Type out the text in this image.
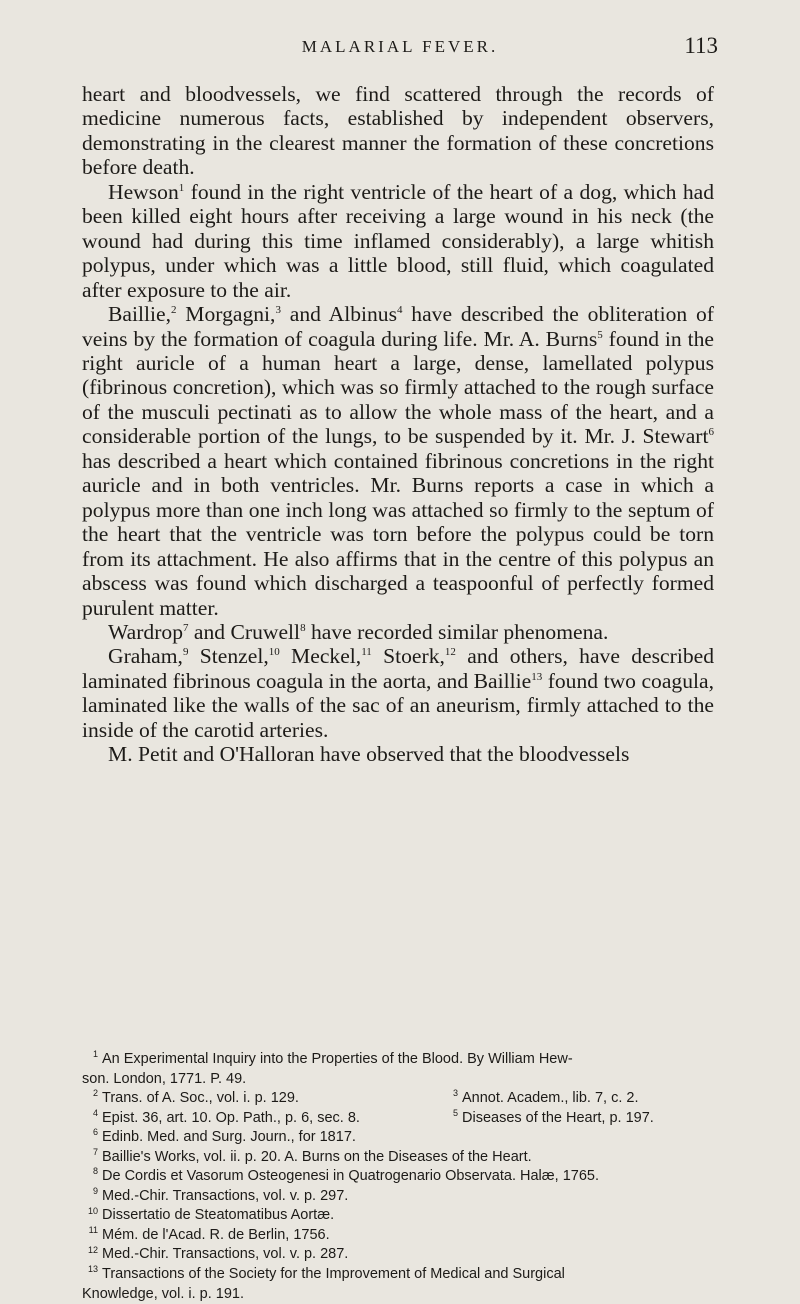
MALARIAL FEVER.	113

heart and bloodvessels, we find scattered through the records of medicine numerous facts, established by independent observers, demonstrating in the clearest manner the formation of these concretions before death.

Hewson$^1$ found in the right ventricle of the heart of a dog, which had been killed eight hours after receiving a large wound in his neck (the wound had during this time inflamed considerably), a large whitish polypus, under which was a little blood, still fluid, which coagulated after exposure to the air.

Baillie,$^2$ Morgagni,$^3$ and Albinus$^4$ have described the obliteration of veins by the formation of coagula during life. Mr. A. Burns$^5$ found in the right auricle of a human heart a large, dense, lamellated polypus (fibrinous concretion), which was so firmly attached to the rough surface of the musculi pectinati as to allow the whole mass of the heart, and a considerable portion of the lungs, to be suspended by it. Mr. J. Stewart$^6$ has described a heart which contained fibrinous concretions in the right auricle and in both ventricles. Mr. Burns reports a case in which a polypus more than one inch long was attached so firmly to the septum of the heart that the ventricle was torn before the polypus could be torn from its attachment. He also affirms that in the centre of this polypus an abscess was found which discharged a teaspoonful of perfectly formed purulent matter.

Wardrop$^7$ and Cruwell$^8$ have recorded similar phenomena.

Graham,$^9$ Stenzel,$^{10}$ Meckel,$^{11}$ Stoerk,$^{12}$ and others, have described laminated fibrinous coagula in the aorta, and Baillie$^{13}$ found two coagula, laminated like the walls of the sac of an aneurism, firmly attached to the inside of the carotid arteries.

M. Petit and O'Halloran have observed that the bloodvessels

1 An Experimental Inquiry into the Properties of the Blood. By William Hew-
son. London, 1771. P. 49.
2 Trans. of A. Soc., vol. i. p. 129.	3 Annot. Academ., lib. 7, c. 2.
4 Epist. 36, art. 10. Op. Path., p. 6, sec. 8.	5 Diseases of the Heart, p. 197.
6 Edinb. Med. and Surg. Journ., for 1817.
7 Baillie's Works, vol. ii. p. 20. A. Burns on the Diseases of the Heart.
8 De Cordis et Vasorum Osteogenesi in Quatrogenario Observata. Halæ, 1765.
9 Med.-Chir. Transactions, vol. v. p. 297.
10 Dissertatio de Steatomatibus Aortæ.
11 Mém. de l'Acad. R. de Berlin, 1756.
12 Med.-Chir. Transactions, vol. v. p. 287.
13 Transactions of the Society for the Improvement of Medical and Surgical
Knowledge, vol. i. p. 191.
